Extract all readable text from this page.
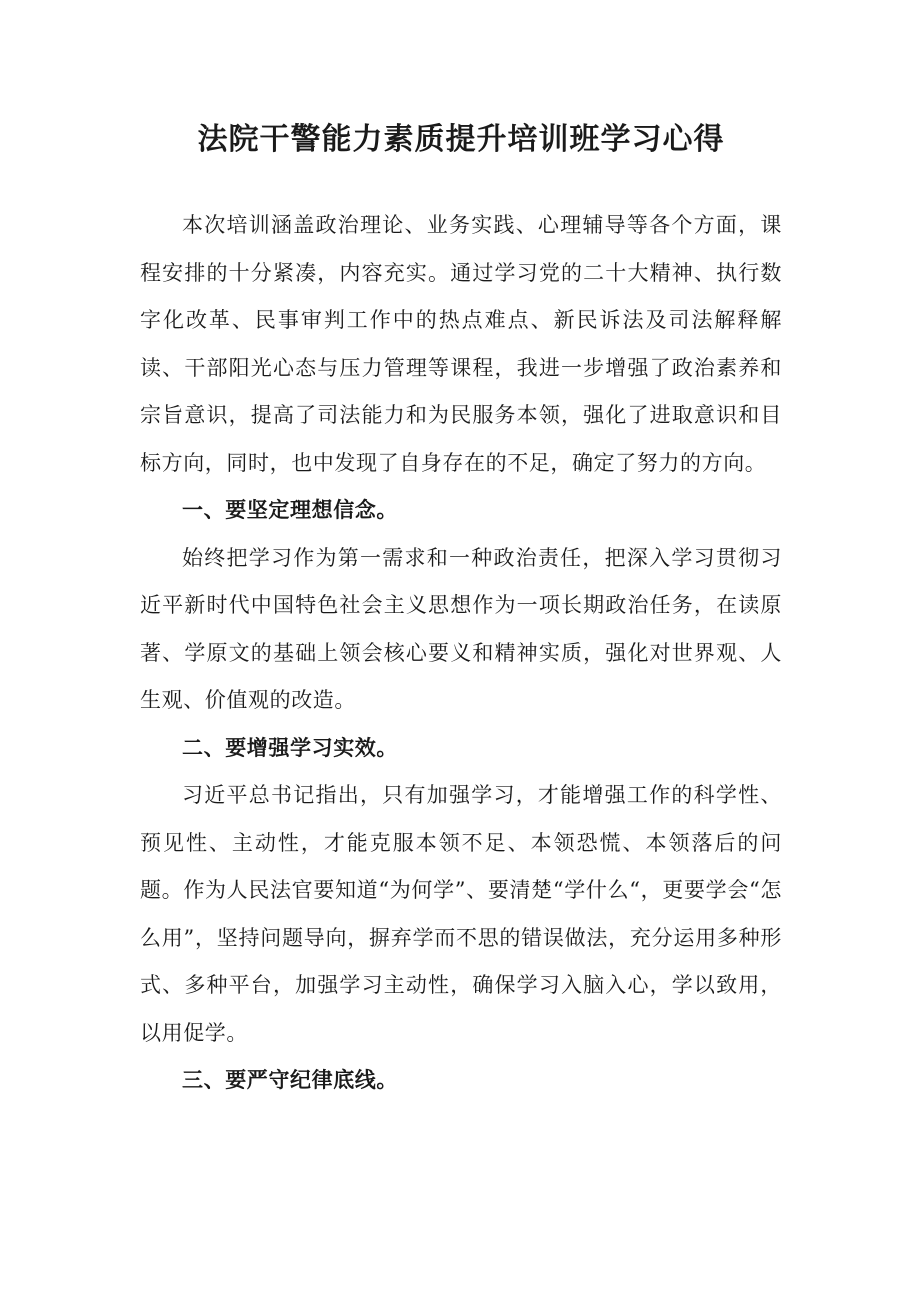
法院干警能力素质提升培训班学习心得

本次培训涵盖政治理论、业务实践、心理辅导等各个方面，课程安排的十分紧凑，内容充实。通过学习党的二十大精神、执行数字化改革、民事审判工作中的热点难点、新民诉法及司法解释解读、干部阳光心态与压力管理等课程，我进一步增强了政治素养和宗旨意识，提高了司法能力和为民服务本领，强化了进取意识和目标方向，同时，也中发现了自身存在的不足，确定了努力的方向。

一、要坚定理想信念。

始终把学习作为第一需求和一种政治责任，把深入学习贯彻习近平新时代中国特色社会主义思想作为一项长期政治任务，在读原著、学原文的基础上领会核心要义和精神实质，强化对世界观、人生观、价值观的改造。

二、要增强学习实效。

习近平总书记指出，只有加强学习，才能增强工作的科学性、预见性、主动性，才能克服本领不足、本领恐慌、本领落后的问题。作为人民法官要知道“为何学”、要清楚“学什么“，更要学会“怎么用”，坚持问题导向，摒弃学而不思的错误做法，充分运用多种形式、多种平台，加强学习主动性，确保学习入脑入心，学以致用，以用促学。

三、要严守纪律底线。
